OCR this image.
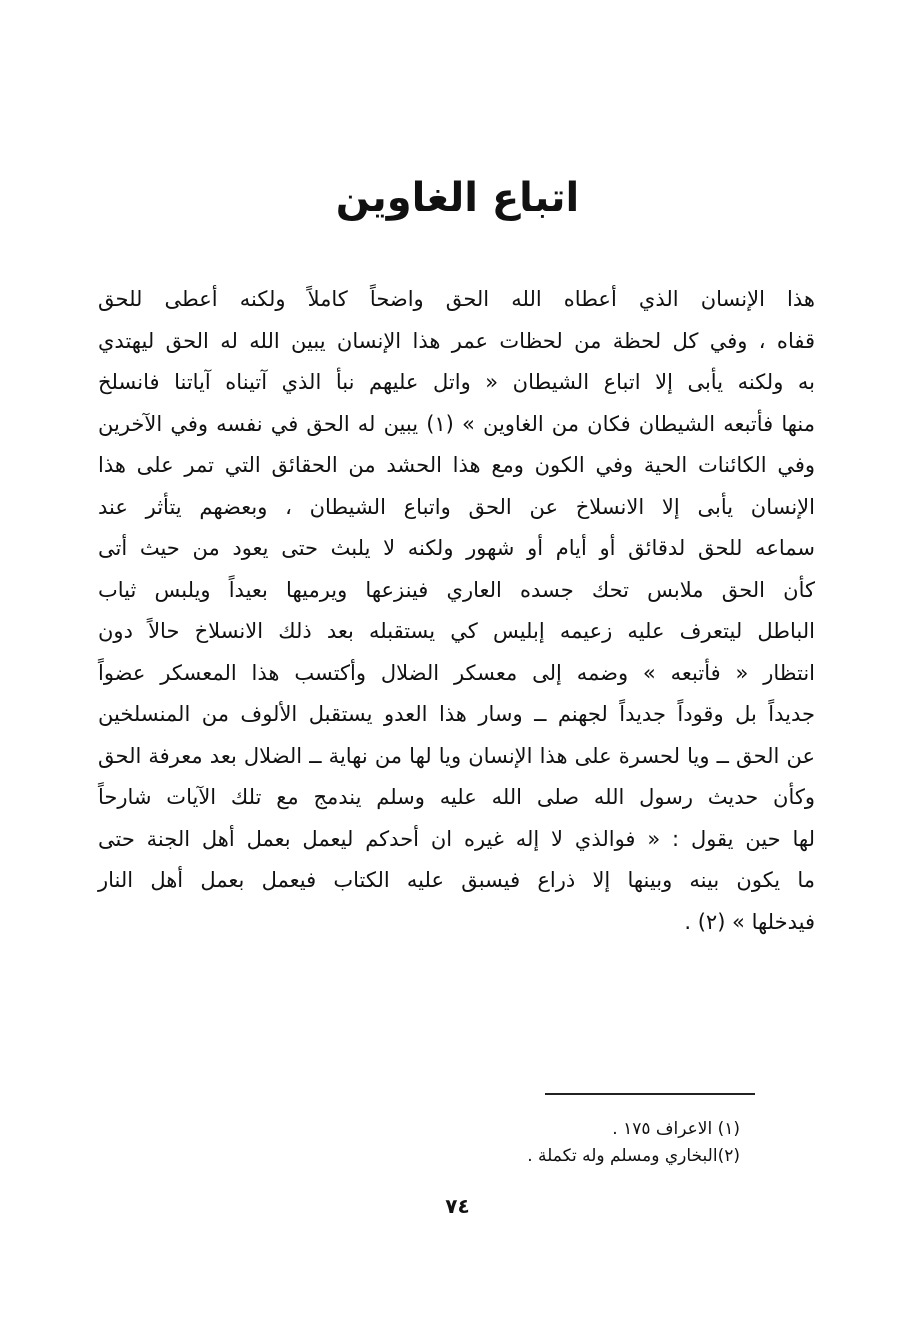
اتباع الغاوين
هذا الإنسان الذي أعطاه الله الحق واضحاً كاملاً ولكنه أعطى للحق
قفاه ، وفي كل لحظة من لحظات عمر هذا الإنسان يبين الله له الحق ليهتدي
به ولكنه يأبى إلا اتباع الشيطان « واتل عليهم نبأ الذي آتيناه آياتنا فانسلخ
منها فأتبعه الشيطان فكان من الغاوين » (١) يبين له الحق في نفسه وفي الآخرين
وفي الكائنات الحية وفي الكون ومع هذا الحشد من الحقائق التي تمر على هذا
الإنسان يأبى إلا الانسلاخ عن الحق واتباع الشيطان ، وبعضهم يتأثر عند
سماعه للحق لدقائق أو أيام أو شهور ولكنه لا يلبث حتى يعود من حيث أتى
كأن الحق ملابس تحك جسده العاري فينزعها ويرميها بعيداً ويلبس ثياب
الباطل ليتعرف عليه زعيمه إبليس كي يستقبله بعد ذلك الانسلاخ حالاً دون
انتظار « فأتبعه » وضمه إلى معسكر الضلال وأكتسب هذا المعسكر عضواً
جديداً بل وقوداً جديداً لجهنم ــ وسار هذا العدو يستقبل الألوف من المنسلخين
عن الحق ــ ويا لحسرة على هذا الإنسان ويا لها من نهاية ــ الضلال بعد معرفة الحق
وكأن حديث رسول الله صلى الله عليه وسلم يندمج مع تلك الآيات شارحاً
لها حين يقول : « فوالذي لا إله غيره ان أحدكم ليعمل بعمل أهل الجنة حتى
ما يكون بينه وبينها إلا ذراع فيسبق عليه الكتاب فيعمل بعمل أهل النار
فيدخلها » (٢) .
(١) الاعراف ١٧٥ .
(٢)البخاري ومسلم وله تكملة .
٧٤
